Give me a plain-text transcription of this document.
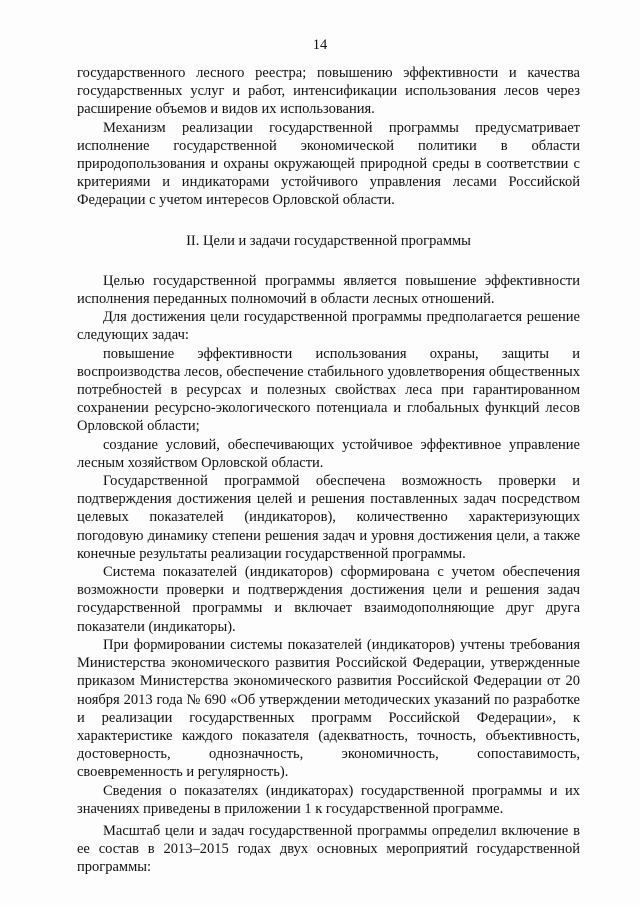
14

государственного лесного реестра; повышению эффективности и качества государственных услуг и работ, интенсификации использования лесов через расширение объемов и видов их использования.

Механизм реализации государственной программы предусматривает исполнение государственной экономической политики в области природопользования и охраны окружающей природной среды в соответствии с критериями и индикаторами устойчивого управления лесами Российской Федерации с учетом интересов Орловской области.

II. Цели и задачи государственной программы

Целью государственной программы является повышение эффективности исполнения переданных полномочий в области лесных отношений.

Для достижения цели государственной программы предполагается решение следующих задач:

повышение эффективности использования охраны, защиты и воспроизводства лесов, обеспечение стабильного удовлетворения общественных потребностей в ресурсах и полезных свойствах леса при гарантированном сохранении ресурсно-экологического потенциала и глобальных функций лесов Орловской области;

создание условий, обеспечивающих устойчивое эффективное управление лесным хозяйством Орловской области.

Государственной программой обеспечена возможность проверки и подтверждения достижения целей и решения поставленных задач посредством целевых показателей (индикаторов), количественно характеризующих погодовую динамику степени решения задач и уровня достижения цели, а также конечные результаты реализации государственной программы.

Система показателей (индикаторов) сформирована с учетом обеспечения возможности проверки и подтверждения достижения цели и решения задач государственной программы и включает взаимодополняющие друг друга показатели (индикаторы).

При формировании системы показателей (индикаторов) учтены требования Министерства экономического развития Российской Федерации, утвержденные приказом Министерства экономического развития Российской Федерации от 20 ноября 2013 года № 690 «Об утверждении методических указаний по разработке и реализации государственных программ Российской Федерации», к характеристике каждого показателя (адекватность, точность, объективность, достоверность, однозначность, экономичность, сопоставимость, своевременность и регулярность).

Сведения о показателях (индикаторах) государственной программы и их значениях приведены в приложении 1 к государственной программе.

Масштаб цели и задач государственной программы определил включение в ее состав в 2013–2015 годах двух основных мероприятий государственной программы:
